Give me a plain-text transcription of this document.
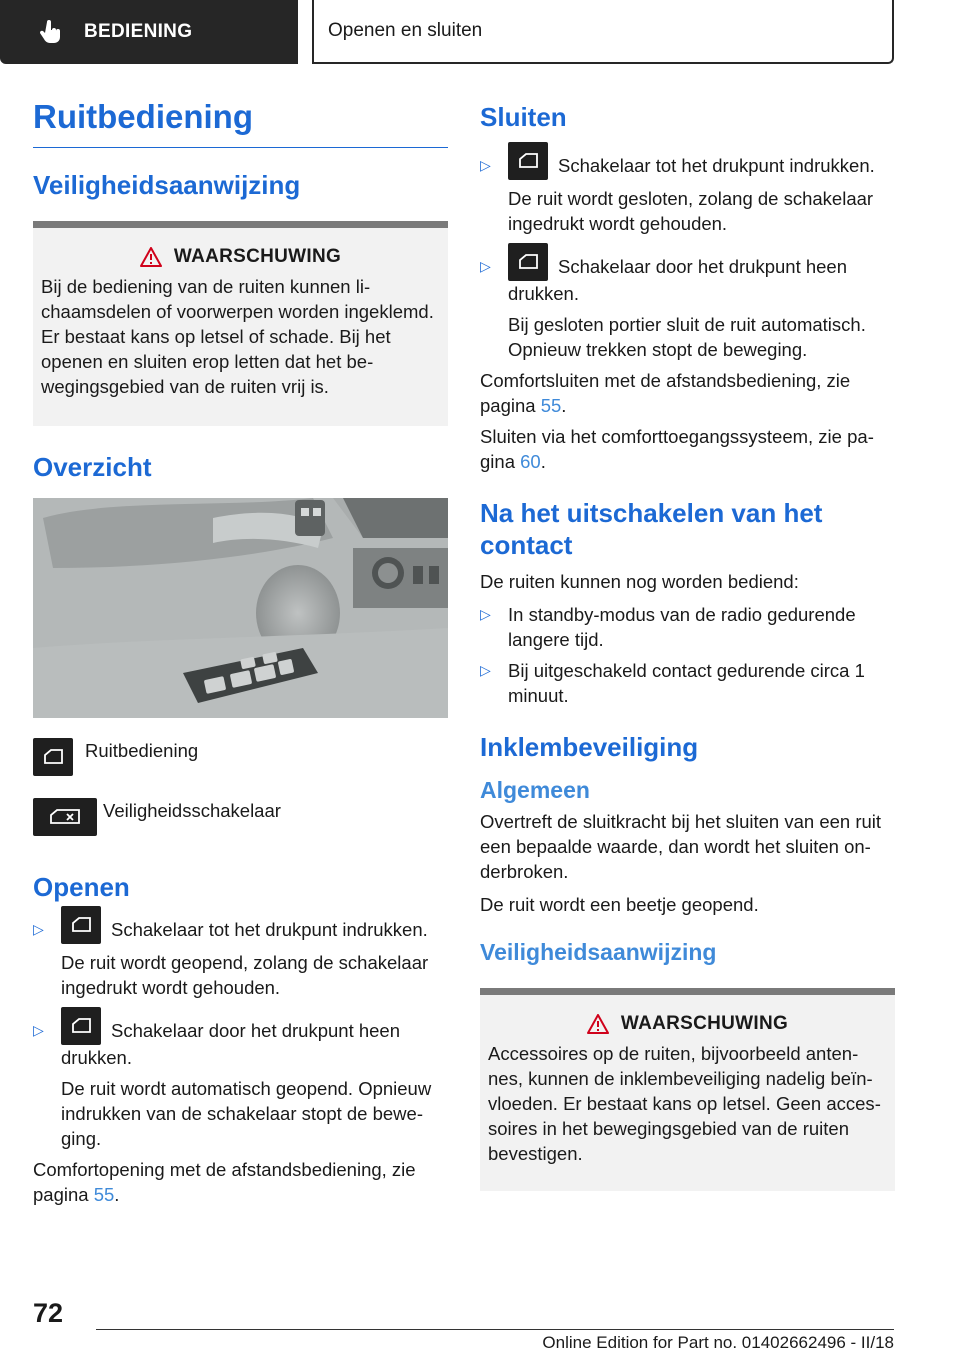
BEDIENING	Openen en sluiten
Ruitbediening
Veiligheidsaanwijzing
WAARSCHUWING

Bij de bediening van de ruiten kunnen lichaamsdelen of voorwerpen worden ingeklemd. Er bestaat kans op letsel of schade. Bij het openen en sluiten erop letten dat het bewegingsgebied van de ruiten vrij is.

Overzicht

Ruitbediening

Veiligheidsschakelaar

Openen
▷	Schakelaar tot het drukpunt indrukken.

De ruit wordt geopend, zolang de schakelaar ingedrukt wordt gehouden.

▷	Schakelaar door het drukpunt heen drukken.

De ruit wordt automatisch geopend. Opnieuw indrukken van de schakelaar stopt de beweging.

Comfortopening met de afstandsbediening, zie pagina 55.

Sluiten
▷	Schakelaar tot het drukpunt indrukken.

De ruit wordt gesloten, zolang de schakelaar ingedrukt wordt gehouden.

▷	Schakelaar door het drukpunt heen drukken.

Bij gesloten portier sluit de ruit automatisch. Opnieuw trekken stopt de beweging.

Comfortsluiten met de afstandsbediening, zie pagina 55.

Sluiten via het comforttoegangssysteem, zie pagina 60.

Na het uitschakelen van het contact

De ruiten kunnen nog worden bediend:

▷ In standby-modus van de radio gedurende langere tijd.

▷ Bij uitgeschakeld contact gedurende circa 1 minuut.

Inklembeveiliging
Algemeen

Overtreft de sluitkracht bij het sluiten van een ruit een bepaalde waarde, dan wordt het sluiten onderbroken.

De ruit wordt een beetje geopend.

Veiligheidsaanwijzing
WAARSCHUWING

Accessoires op de ruiten, bijvoorbeeld antennes, kunnen de inklembeveiliging nadelig beïnvloeden. Er bestaat kans op letsel. Geen accessoires in het bewegingsgebied van de ruiten bevestigen.

72
Online Edition for Part no. 01402662496 - II/18
